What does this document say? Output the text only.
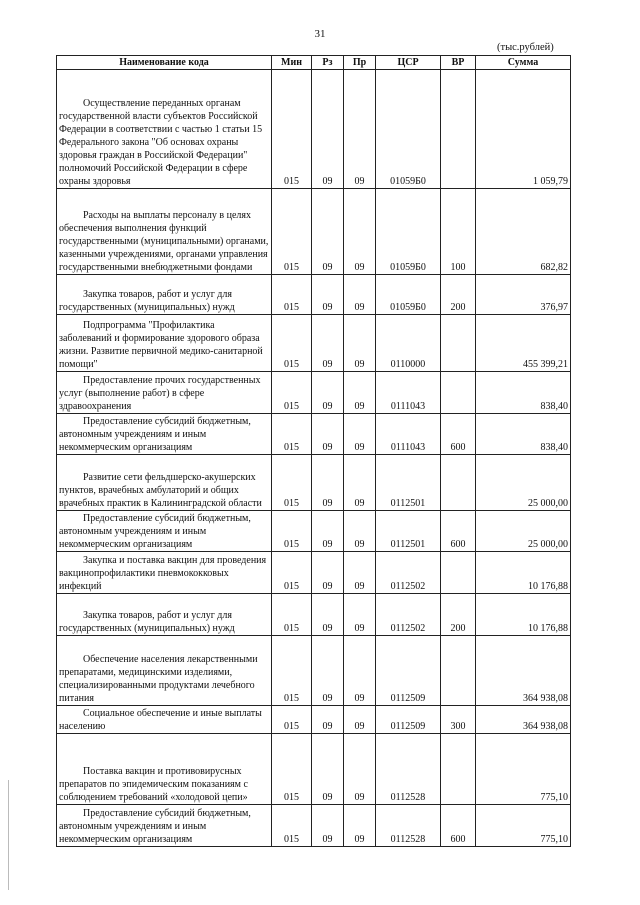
31
(тыс.рублей)
Наименование кода	Мин	Рз	Пр	ЦСР	ВР	Сумма
Осуществление переданных органам государственной власти субъектов Российской Федерации в соответствии с частью 1 статьи 15 Федерального закона "Об основах охраны здоровья граждан в Российской Федерации" полномочий Российской Федерации в сфере охраны здоровья	015	09	09	01059Б0		1 059,79
Расходы на выплаты персоналу в целях обеспечения выполнения функций государственными (муниципальными) органами, казенными учреждениями, органами управления государственными внебюджетными фондами	015	09	09	01059Б0	100	682,82
Закупка товаров, работ и услуг для государственных (муниципальных) нужд	015	09	09	01059Б0	200	376,97
Подпрограмма "Профилактика заболеваний и формирование здорового образа жизни. Развитие первичной медико-санитарной помощи"	015	09	09	0110000		455 399,21
Предоставление прочих государственных услуг (выполнение работ) в сфере здравоохранения	015	09	09	0111043		838,40
Предоставление субсидий бюджетным, автономным учреждениям и иным некоммерческим организациям	015	09	09	0111043	600	838,40
Развитие сети фельдшерско-акушерских пунктов, врачебных амбулаторий и общих врачебных практик в Калининградской области	015	09	09	0112501		25 000,00
Предоставление субсидий бюджетным, автономным учреждениям и иным некоммерческим организациям	015	09	09	0112501	600	25 000,00
Закупка и поставка вакцин для проведения вакцинопрофилактики пневмококковых инфекций	015	09	09	0112502		10 176,88
Закупка товаров, работ и услуг для государственных (муниципальных) нужд	015	09	09	0112502	200	10 176,88
Обеспечение населения лекарственными препаратами, медицинскими изделиями, специализированными продуктами лечебного питания	015	09	09	0112509		364 938,08
Социальное обеспечение и иные выплаты населению	015	09	09	0112509	300	364 938,08
Поставка вакцин и противовирусных препаратов по эпидемическим показаниям с соблюдением требований «холодовой цепи»	015	09	09	0112528		775,10
Предоставление субсидий бюджетным, автономным учреждениям и иным некоммерческим организациям	015	09	09	0112528	600	775,10
